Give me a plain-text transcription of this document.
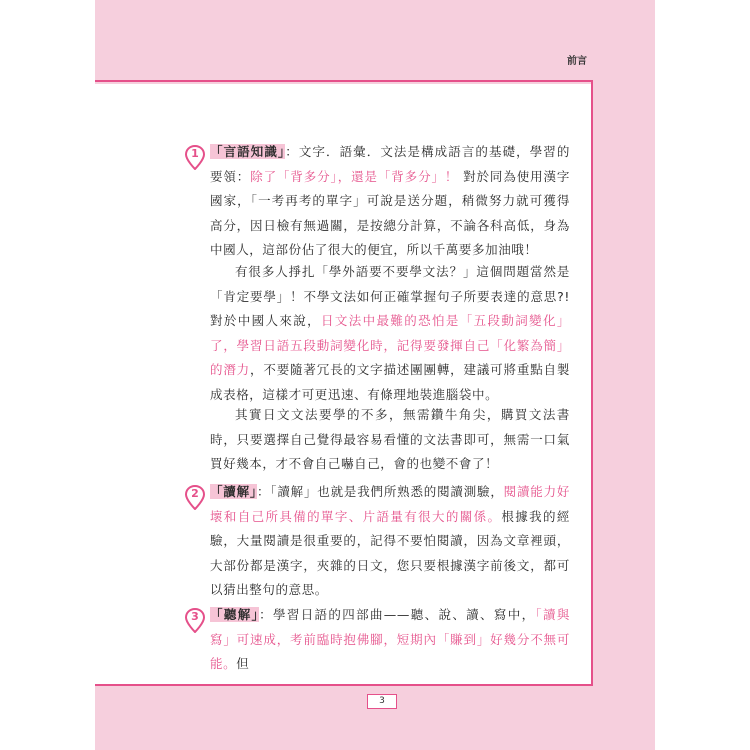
前言
1 「言語知識」：文字．語彙．文法是構成語言的基礎，學習的要領：除了「背多分」，還是「背多分」！ 對於同為使用漢字國家，「一考再考的單字」可說是送分題，稍微努力就可獲得高分，因日檢有無過關，是按總分計算，不論各科高低，身為中國人，這部份佔了很大的便宜，所以千萬要多加油哦！
有很多人掙扎「學外語要不要學文法？」這個問題當然是「肯定要學」！不學文法如何正確掌握句子所要表達的意思?!對於中國人來說，日文法中最難的恐怕是「五段動詞變化」了，學習日語五段動詞變化時，記得要發揮自己「化繁為簡」的潛力，不要隨著冗長的文字描述團團轉，建議可將重點自製成表格，這樣才可更迅速、有條理地裝進腦袋中。
其實日文文法要學的不多，無需鑽牛角尖，購買文法書時，只要選擇自己覺得最容易看懂的文法書即可，無需一口氣買好幾本，才不會自己嚇自己，會的也變不會了！
2 「讀解」：「讀解」也就是我們所熟悉的閱讀測驗，閱讀能力好壞和自己所具備的單字、片語量有很大的關係。根據我的經驗，大量閱讀是很重要的，記得不要怕閱讀，因為文章裡頭，大部份都是漢字，夾雜的日文，您只要根據漢字前後文，都可以猜出整句的意思。
3 「聽解」：學習日語的四部曲——聽、說、讀、寫中，「讀與寫」可速成，考前臨時抱佛腳，短期內「賺到」好幾分不無可能。但
3
